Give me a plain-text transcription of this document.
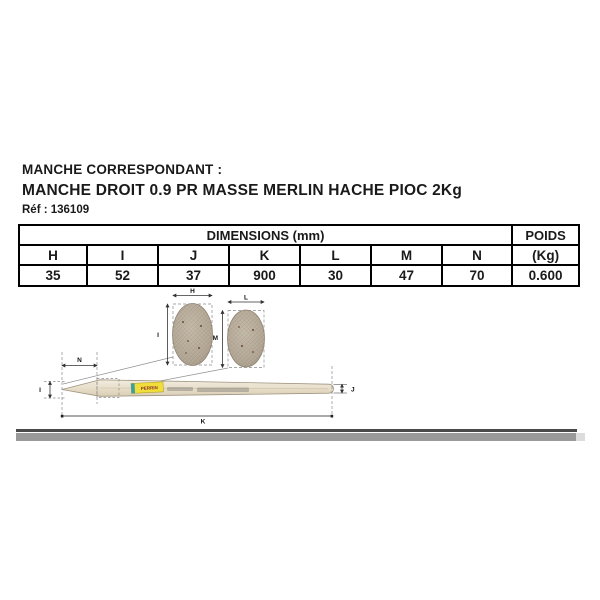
MANCHE CORRESPONDANT :
MANCHE DROIT 0.9 PR MASSE MERLIN HACHE PIOC 2Kg
Réf : 136109
DIMENSIONS (mm)							POIDS
H	I	J	K	L	M	N	(Kg)
35	52	37	900	30	47	70	0.600
H
I
L
M
PERRIN
N
I	J
K
